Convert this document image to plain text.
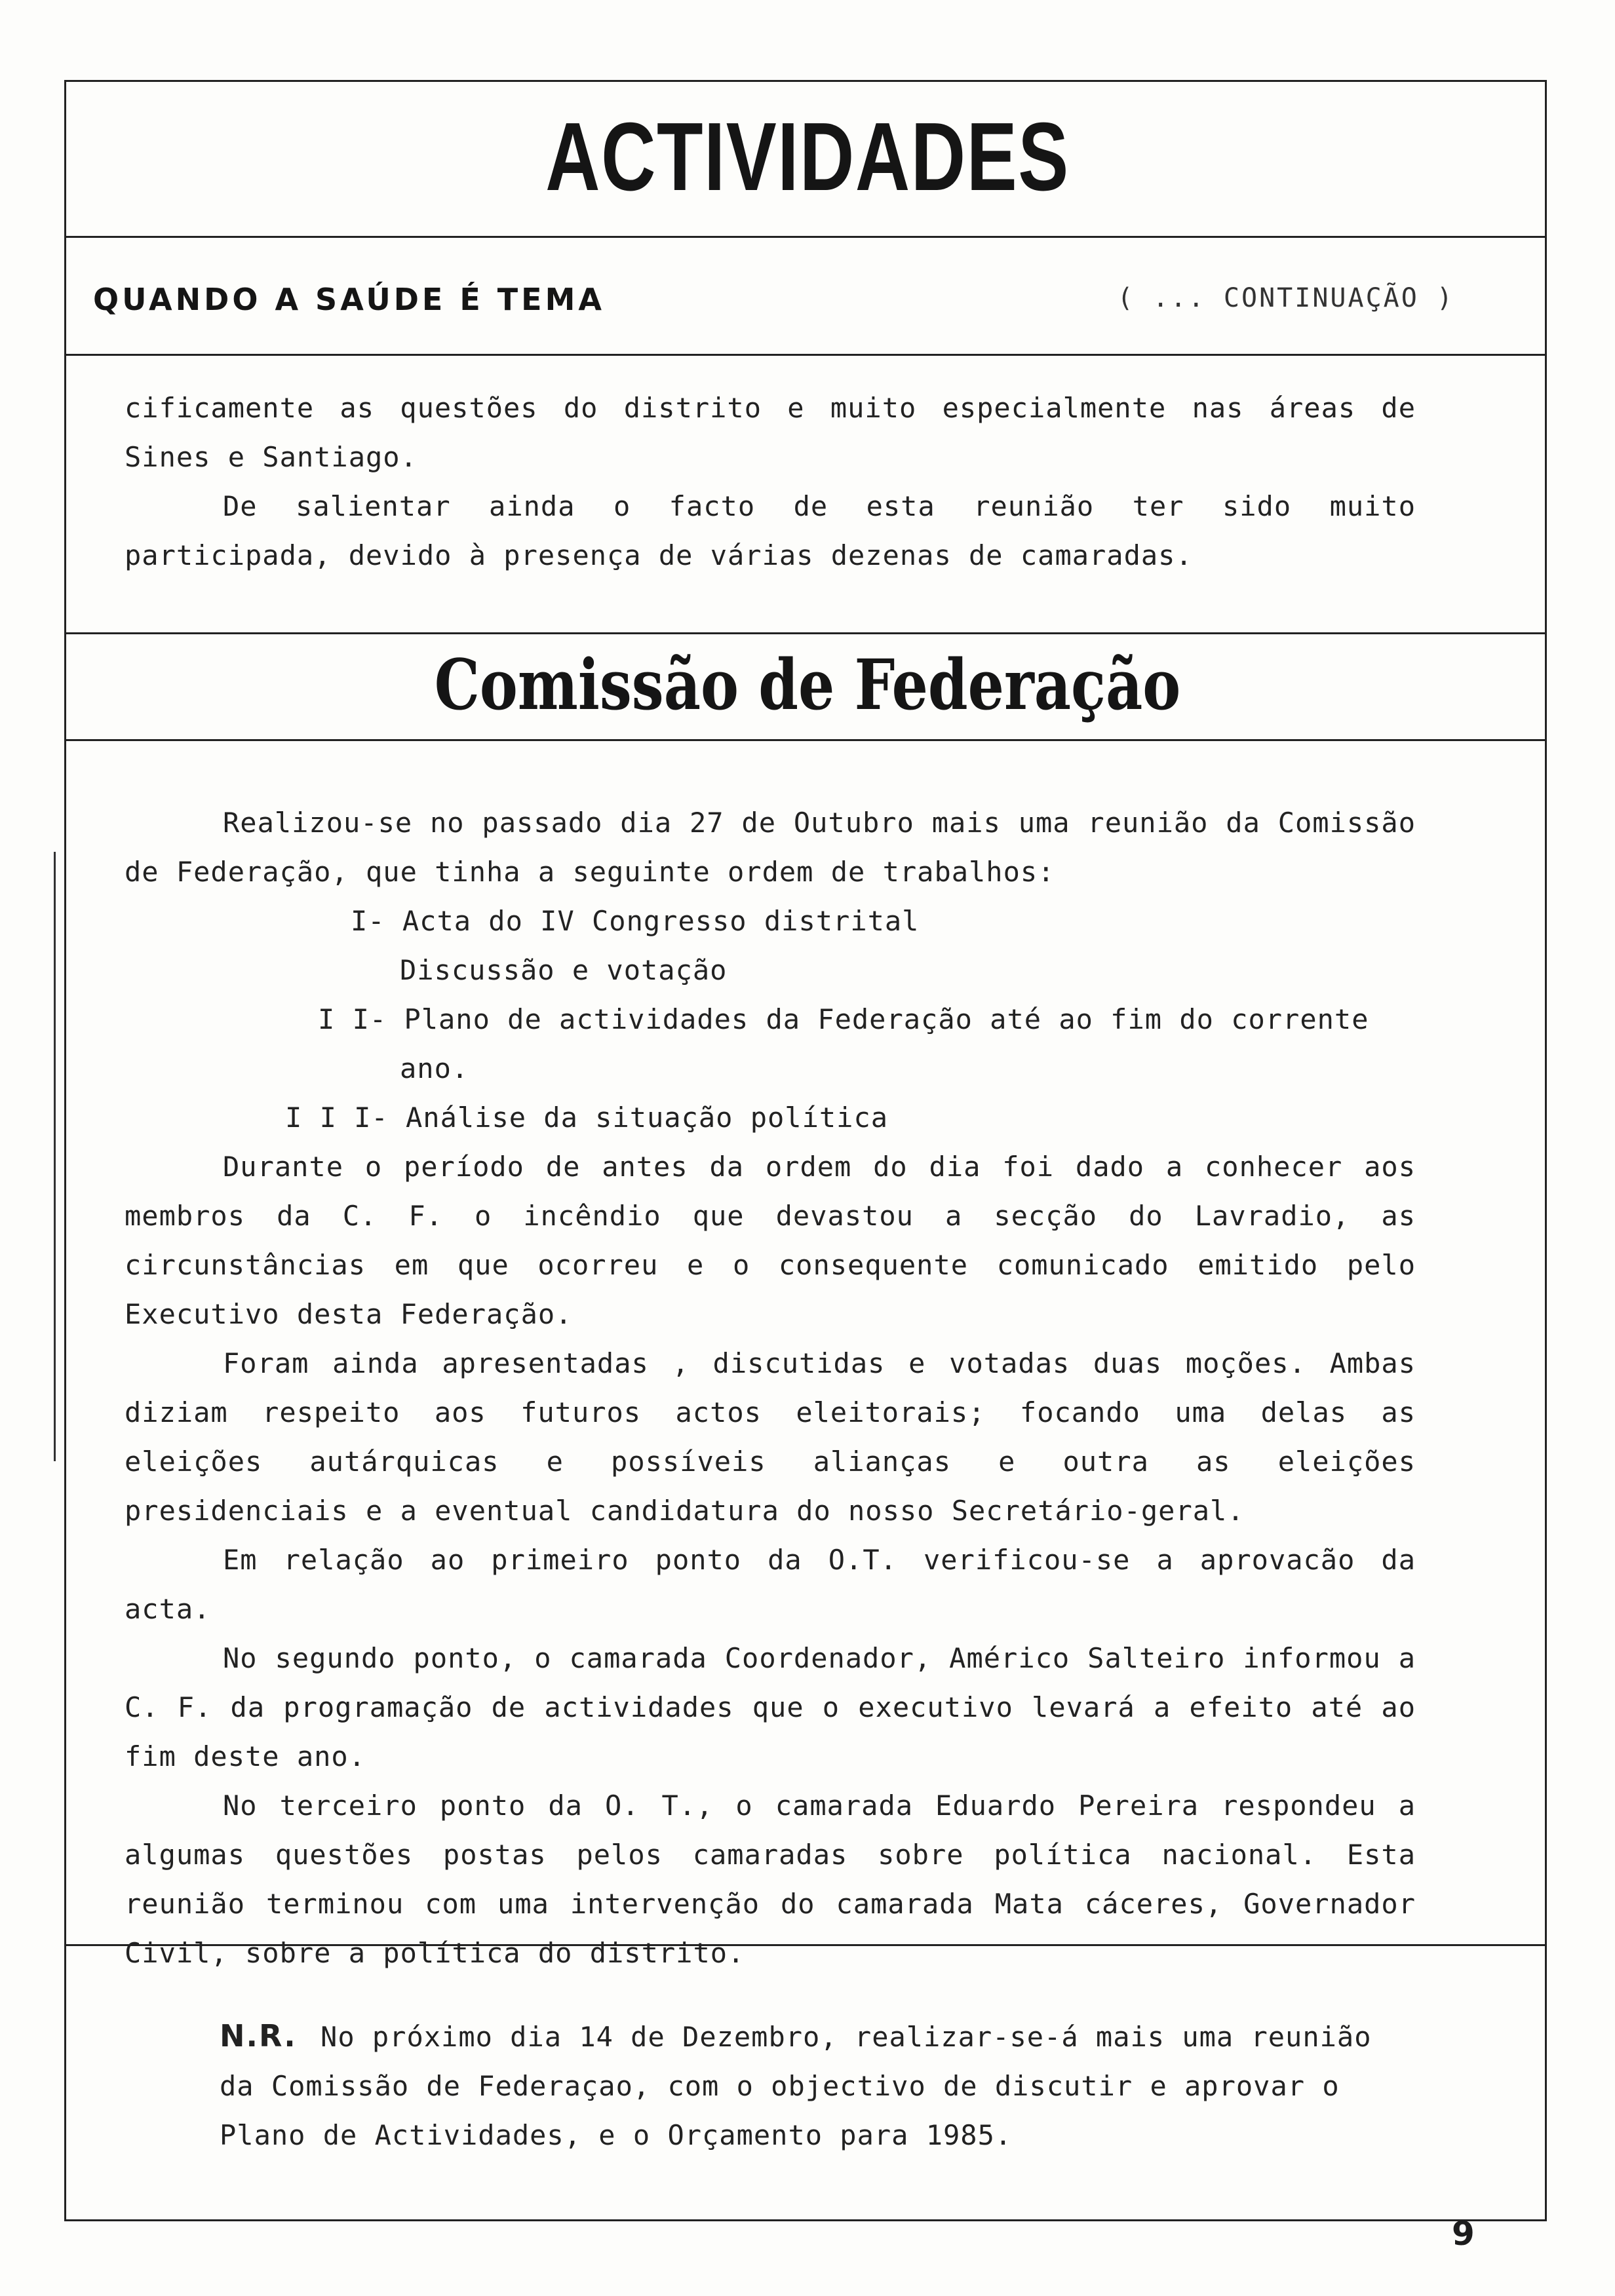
ACTIVIDADES
QUANDO A SAÚDE É TEMA	( ... CONTINUAÇÃO )

cificamente as questões do distrito e muito especialmente nas áreas de Sines e Santiago.

De salientar ainda o facto de esta reunião ter sido muito participada, devido à presença de várias dezenas de camaradas.

Comissão de Federação

Realizou-se no passado dia 27 de Outubro mais uma reunião da Comissão de Federação, que tinha a seguinte ordem de trabalhos:

I- Acta do IV Congresso distrital

Discussão e votação

I I- Plano de actividades da Federação até ao fim do corrente

ano.

I I I- Análise da situação política

Durante o período de antes da ordem do dia foi dado a conhecer aos membros da C. F. o incêndio que devastou a secção do Lavradio, as circunstâncias em que ocorreu e o consequente comunicado emitido pelo Executivo desta Federação.

Foram ainda apresentadas , discutidas e votadas duas moções. Ambas diziam respeito aos futuros actos eleitorais; focando uma delas as eleições autárquicas e possíveis alianças e outra as eleições presidenciais e a eventual candidatura do nosso Secretário-geral.

Em relação ao primeiro ponto da O.T. verificou-se a aprovacão da acta.

No segundo ponto, o camarada Coordenador, Américo Salteiro informou a C. F. da programação de actividades que o executivo levará a efeito até ao fim deste ano.

No terceiro ponto da O. T., o camarada Eduardo Pereira respondeu a algumas questões postas pelos camaradas sobre política nacional. Esta reunião terminou com uma intervenção do camarada Mata cáceres, Governador Civil, sobre a política do distrito.

N.R. No próximo dia 14 de Dezembro, realizar-se-á mais uma reunião da Comissão de Federaçao, com o objectivo de discutir e aprovar o Plano de Actividades, e o Orçamento para 1985.
9
